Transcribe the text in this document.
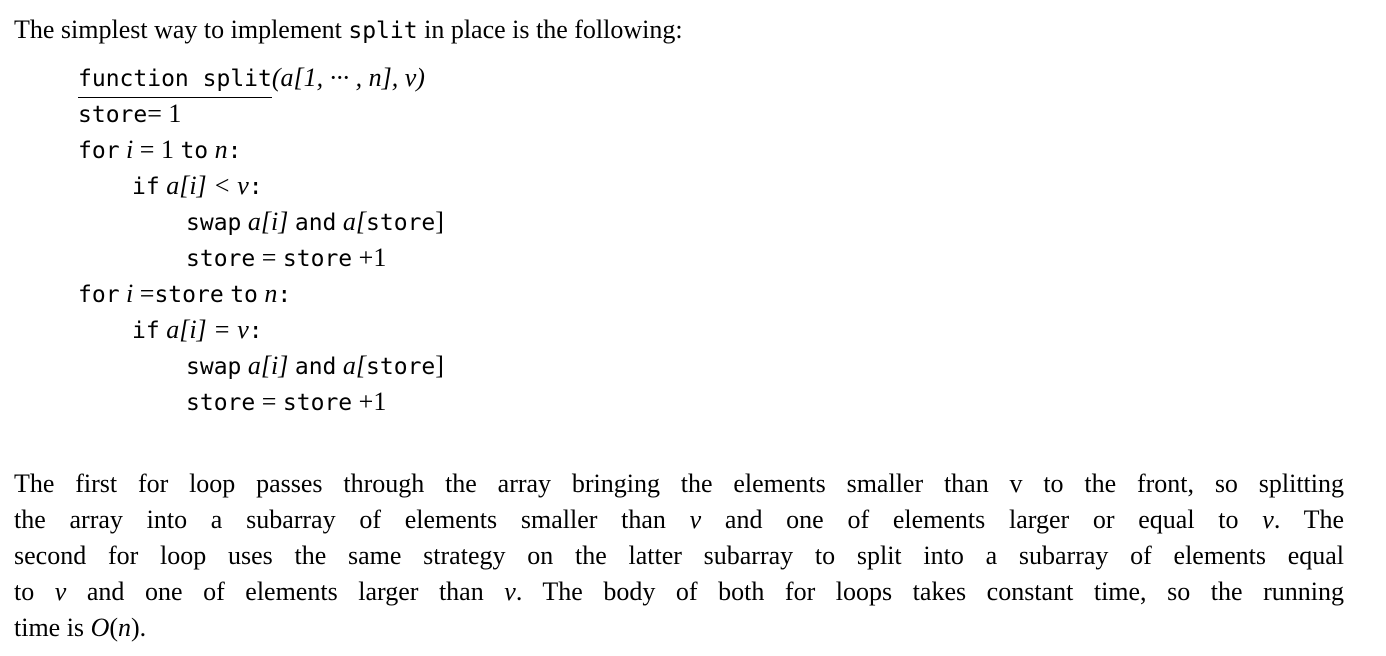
The simplest way to implement split in place is the following:
function split(a[1, ··· , n], v)
store= 1
for i = 1 to n:
if a[i] < v:
swap a[i] and a[store]
store = store +1
for i =store to n:
if a[i] = v:
swap a[i] and a[store]
store = store +1
The first for loop passes through the array bringing the elements smaller than v to the front, so splitting
the array into a subarray of elements smaller than v and one of elements larger or equal to v. The
second for loop uses the same strategy on the latter subarray to split into a subarray of elements equal
to v and one of elements larger than v. The body of both for loops takes constant time, so the running
time is O(n).
